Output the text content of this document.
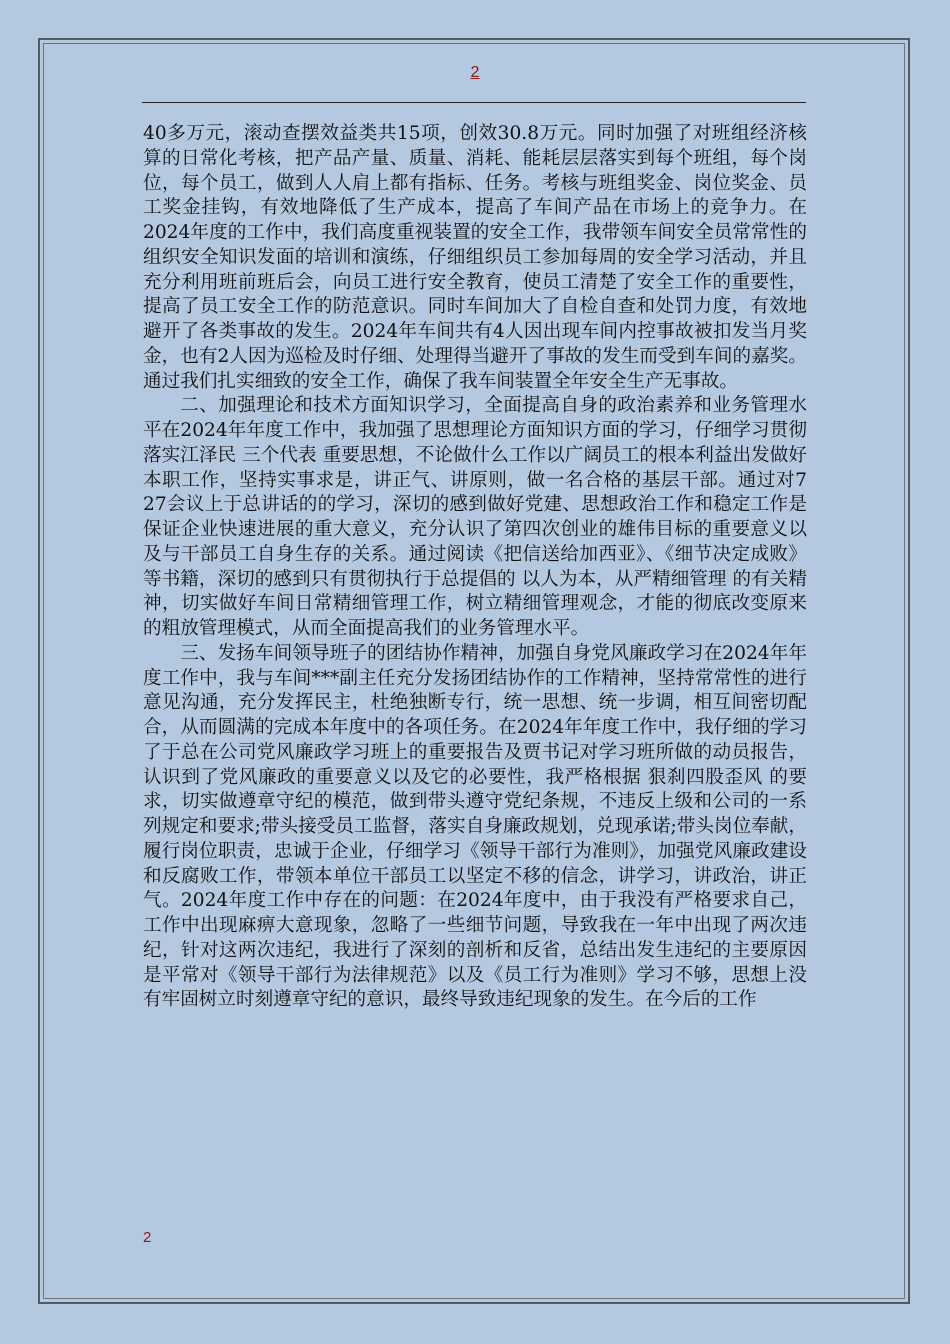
2

40多万元，滚动查摆效益类共15项，创效30.8万元。同时加强了对班组经济核算的日常化考核，把产品产量、质量、消耗、能耗层层落实到每个班组，每个岗位，每个员工，做到人人肩上都有指标、任务。考核与班组奖金、岗位奖金、员工奖金挂钩，有效地降低了生产成本，提高了车间产品在市场上的竞争力。在2024年度的工作中，我们高度重视装置的安全工作，我带领车间安全员常常性的组织安全知识发面的培训和演练，仔细组织员工参加每周的安全学习活动，并且充分利用班前班后会，向员工进行安全教育，使员工清楚了安全工作的重要性，提高了员工安全工作的防范意识。同时车间加大了自检自查和处罚力度，有效地避开了各类事故的发生。2024年车间共有4人因出现车间内控事故被扣发当月奖金，也有2人因为巡检及时仔细、处理得当避开了事故的发生而受到车间的嘉奖。通过我们扎实细致的安全工作，确保了我车间装置全年安全生产无事故。

二、加强理论和技术方面知识学习，全面提高自身的政治素养和业务管理水平在2024年年度工作中，我加强了思想理论方面知识方面的学习，仔细学习贯彻落实江泽民 三个代表 重要思想，不论做什么工作以广阔员工的根本利益出发做好本职工作，坚持实事求是，讲正气、讲原则，做一名合格的基层干部。通过对7 27会议上于总讲话的的学习，深切的感到做好党建、思想政治工作和稳定工作是保证企业快速进展的重大意义，充分认识了第四次创业的雄伟目标的重要意义以及与干部员工自身生存的关系。通过阅读《把信送给加西亚》、《细节决定成败》等书籍，深切的感到只有贯彻执行于总提倡的 以人为本，从严精细管理 的有关精神，切实做好车间日常精细管理工作，树立精细管理观念，才能的彻底改变原来的粗放管理模式，从而全面提高我们的业务管理水平。

三、发扬车间领导班子的团结协作精神，加强自身党风廉政学习在2024年年度工作中，我与车间***副主任充分发扬团结协作的工作精神，坚持常常性的进行意见沟通，充分发挥民主，杜绝独断专行，统一思想、统一步调，相互间密切配合，从而圆满的完成本年度中的各项任务。在2024年年度工作中，我仔细的学习了于总在公司党风廉政学习班上的重要报告及贾书记对学习班所做的动员报告，认识到了党风廉政的重要意义以及它的必要性，我严格根据 狠刹四股歪风 的要求，切实做遵章守纪的模范，做到带头遵守党纪条规，不违反上级和公司的一系列规定和要求;带头接受员工监督，落实自身廉政规划，兑现承诺;带头岗位奉献，履行岗位职责，忠诚于企业，仔细学习《领导干部行为准则》，加强党风廉政建设和反腐败工作，带领本单位干部员工以坚定不移的信念，讲学习，讲政治，讲正气。2024年度工作中存在的问题：在2024年度中，由于我没有严格要求自己，工作中出现麻痹大意现象，忽略了一些细节问题，导致我在一年中出现了两次违纪，针对这两次违纪，我进行了深刻的剖析和反省，总结出发生违纪的主要原因是平常对《领导干部行为法律规范》以及《员工行为准则》学习不够，思想上没有牢固树立时刻遵章守纪的意识，最终导致违纪现象的发生。在今后的工作

2
